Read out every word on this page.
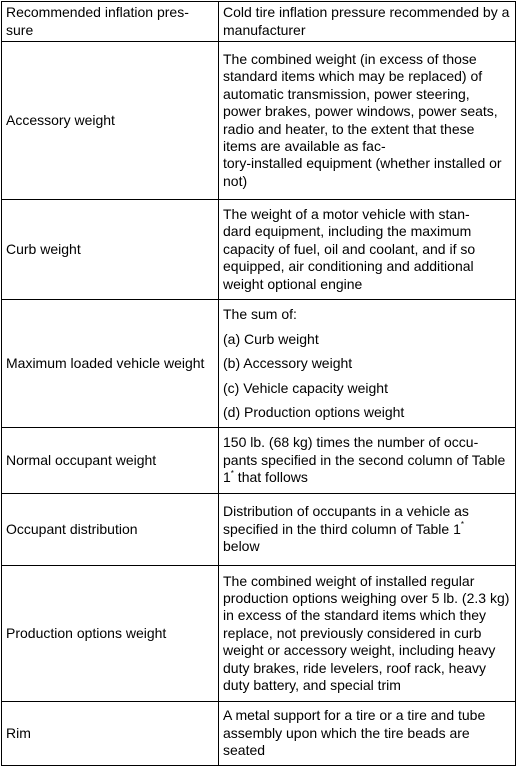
Recommended inflation pres-
sure	Cold tire inflation pressure recommended by a manufacturer
Accessory weight	The combined weight (in excess of those standard items which may be replaced) of automatic transmission, power steering, power brakes, power windows, power seats, radio and heater, to the extent that these items are available as fac-
tory-installed equipment (whether installed or not)
Curb weight	The weight of a motor vehicle with stan-
dard equipment, including the maximum capacity of fuel, oil and coolant, and if so equipped, air conditioning and additional weight optional engine
Maximum loaded vehicle weight	The sum of:

(a) Curb weight

(b) Accessory weight

(c) Vehicle capacity weight

(d) Production options weight

Normal occupant weight	150 lb. (68 kg) times the number of occu-
pants specified in the second column of Table 1* that follows
Occupant distribution	Distribution of occupants in a vehicle as specified in the third column of Table 1*
below
Production options weight	The combined weight of installed regular production options weighing over 5 lb. (2.3 kg) in excess of the standard items which they replace, not previously considered in curb weight or accessory weight, including heavy duty brakes, ride levelers, roof rack, heavy duty battery, and special trim
Rim	A metal support for a tire or a tire and tube assembly upon which the tire beads are seated
